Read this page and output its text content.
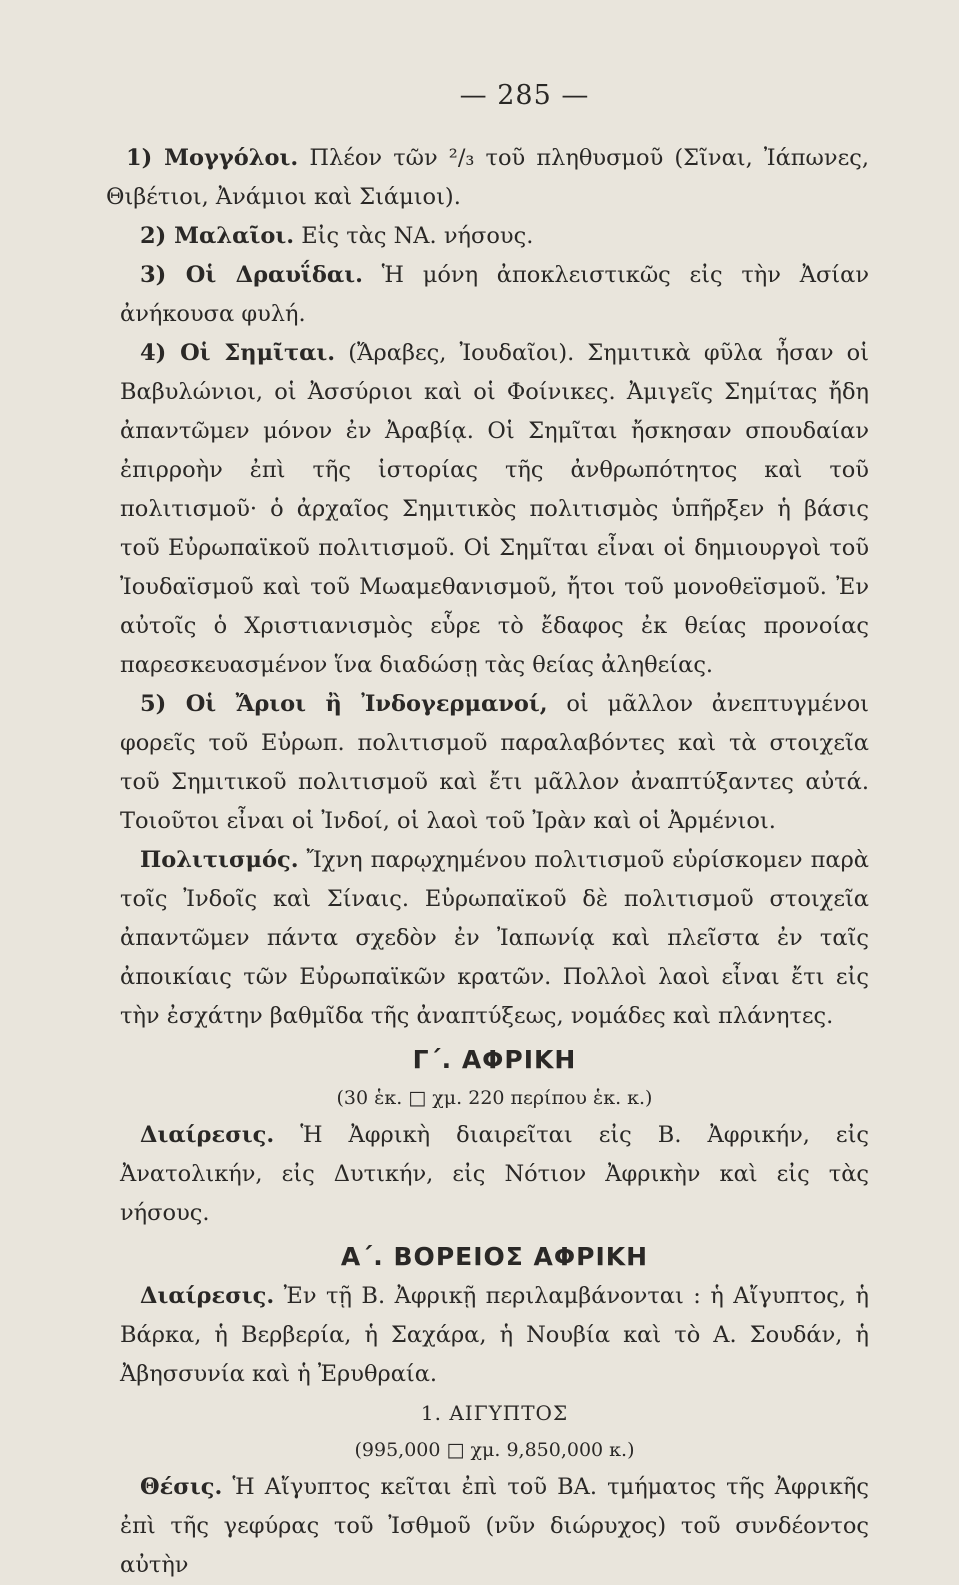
— 285 —

1) Μογγόλοι. Πλέον τῶν ²/₃ τοῦ πληθυσμοῦ (Σῖναι, Ἰάπωνες, Θιβέτιοι, Ἀνάμιοι καὶ Σιάμιοι).

2) Μαλαῖοι. Εἰς τὰς ΝΑ. νήσους.

3) Οἱ Δραυΐδαι. Ἡ μόνη ἀποκλειστικῶς εἰς τὴν Ἀσίαν ἀνήκουσα φυλή.

4) Οἱ Σημῖται. (Ἄραβες, Ἰουδαῖοι). Σημιτικὰ φῦλα ἦσαν οἱ Βαβυλώνιοι, οἱ Ἀσσύριοι καὶ οἱ Φοίνικες. Ἀμιγεῖς Σημίτας ἤδη ἀπαντῶμεν μόνον ἐν Ἀραβίᾳ. Οἱ Σημῖται ἤσκησαν σπουδαίαν ἐπιρροὴν ἐπὶ τῆς ἱστορίας τῆς ἀνθρωπότητος καὶ τοῦ πολιτισμοῦ· ὁ ἀρχαῖος Σημιτικὸς πολιτισμὸς ὑπῆρξεν ἡ βάσις τοῦ Εὐρωπαϊκοῦ πολιτισμοῦ. Οἱ Σημῖται εἶναι οἱ δημιουργοὶ τοῦ Ἰουδαϊσμοῦ καὶ τοῦ Μωαμεθανισμοῦ, ἤτοι τοῦ μονοθεϊσμοῦ. Ἐν αὐτοῖς ὁ Χριστιανισμὸς εὗρε τὸ ἔδαφος ἐκ θείας προνοίας παρεσκευασμένον ἵνα διαδώσῃ τὰς θείας ἀληθείας.

5) Οἱ Ἄριοι ἢ Ἰνδογερμανοί, οἱ μᾶλλον ἀνεπτυγμένοι φορεῖς τοῦ Εὐρωπ. πολιτισμοῦ παραλαβόντες καὶ τὰ στοιχεῖα τοῦ Σημιτικοῦ πολιτισμοῦ καὶ ἔτι μᾶλλον ἀναπτύξαντες αὐτά. Τοιοῦτοι εἶναι οἱ Ἰνδοί, οἱ λαοὶ τοῦ Ἰρὰν καὶ οἱ Ἀρμένιοι.

Πολιτισμός. Ἴχνη παρῳχημένου πολιτισμοῦ εὑρίσκομεν παρὰ τοῖς Ἰνδοῖς καὶ Σίναις. Εὐρωπαϊκοῦ δὲ πολιτισμοῦ στοιχεῖα ἀπαντῶμεν πάντα σχεδὸν ἐν Ἰαπωνίᾳ καὶ πλεῖστα ἐν ταῖς ἀποικίαις τῶν Εὐρωπαϊκῶν κρατῶν. Πολλοὶ λαοὶ εἶναι ἔτι εἰς τὴν ἐσχάτην βαθμῖδα τῆς ἀναπτύξεως, νομάδες καὶ πλάνητες.

Γ΄. ΑΦΡΙΚΗ
(30 ἑκ. □ χμ. 220 περίπου ἑκ. κ.)

Διαίρεσις. Ἡ Ἀφρικὴ διαιρεῖται εἰς Β. Ἀφρικήν, εἰς Ἀνατολικήν, εἰς Δυτικήν, εἰς Νότιον Ἀφρικὴν καὶ εἰς τὰς νήσους.

Α΄. ΒΟΡΕΙΟΣ ΑΦΡΙΚΗ

Διαίρεσις. Ἐν τῇ Β. Ἀφρικῇ περιλαμβάνονται : ἡ Αἴγυπτος, ἡ Βάρκα, ἡ Βερβερία, ἡ Σαχάρα, ἡ Νουβία καὶ τὸ Α. Σουδάν, ἡ Ἀβησσυνία καὶ ἡ Ἐρυθραία.

1. ΑΙΓΥΠΤΟΣ
(995,000 □ χμ. 9,850,000 κ.)

Θέσις. Ἡ Αἴγυπτος κεῖται ἐπὶ τοῦ ΒΑ. τμήματος τῆς Ἀφρικῆς ἐπὶ τῆς γεφύρας τοῦ Ἰσθμοῦ (νῦν διώρυχος) τοῦ συνδέοντος αὐτὴν
